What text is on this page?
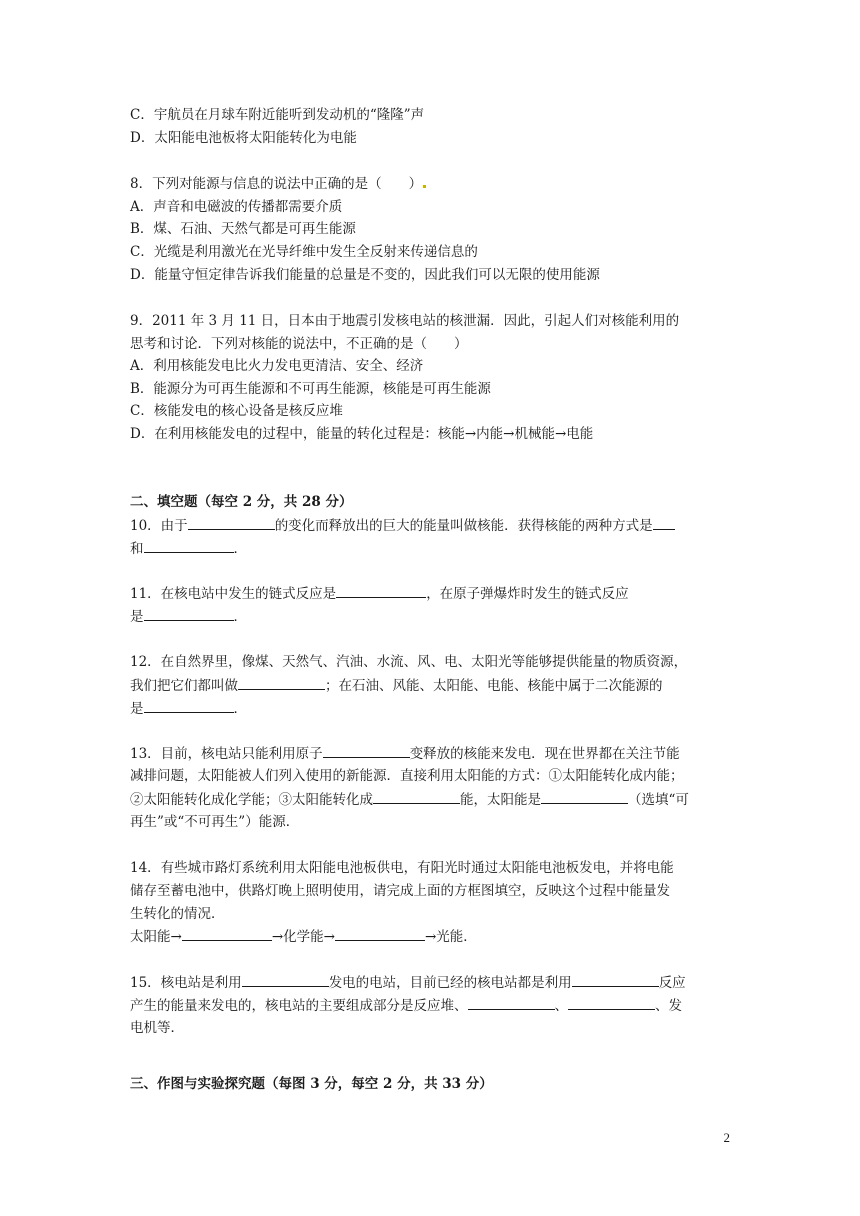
C．宇航员在月球车附近能听到发动机的“隆隆”声
D．太阳能电池板将太阳能转化为电能
8．下列对能源与信息的说法中正确的是（　　）
A．声音和电磁波的传播都需要介质
B．煤、石油、天然气都是可再生能源
C．光缆是利用激光在光导纤维中发生全反射来传递信息的
D．能量守恒定律告诉我们能量的总量是不变的，因此我们可以无限的使用能源
9．2011 年 3 月 11 日，日本由于地震引发核电站的核泄漏．因此，引起人们对核能利用的
思考和讨论．下列对核能的说法中，不正确的是（　　）
A．利用核能发电比火力发电更清洁、安全、经济
B．能源分为可再生能源和不可再生能源，核能是可再生能源
C．核能发电的核心设备是核反应堆
D．在利用核能发电的过程中，能量的转化过程是：核能→内能→机械能→电能
二、填空题（每空 2 分，共 28 分）
10．由于	的变化而释放出的巨大的能量叫做核能．获得核能的两种方式是
和	．
11．在核电站中发生的链式反应是	，在原子弹爆炸时发生的链式反应
是	．
12．在自然界里，像煤、天然气、汽油、水流、风、电、太阳光等能够提供能量的物质资源，
我们把它们都叫做	；在石油、风能、太阳能、电能、核能中属于二次能源的
是	．
13．目前，核电站只能利用原子	变释放的核能来发电．现在世界都在关注节能
减排问题，太阳能被人们列入使用的新能源．直接利用太阳能的方式：①太阳能转化成内能；
②太阳能转化成化学能；③太阳能转化成	能，太阳能是	（选填“可
再生”或“不可再生”）能源．
14．有些城市路灯系统利用太阳能电池板供电，有阳光时通过太阳能电池板发电，并将电能
储存至蓄电池中，供路灯晚上照明使用，请完成上面的方框图填空，反映这个过程中能量发
生转化的情况．
太阳能→	→化学能→	→光能．
15．核电站是利用	发电的电站，目前已经的核电站都是利用	反应
产生的能量来发电的，核电站的主要组成部分是反应堆、	、	、发
电机等．
三、作图与实验探究题（每图 3 分，每空 2 分，共 33 分）
2
